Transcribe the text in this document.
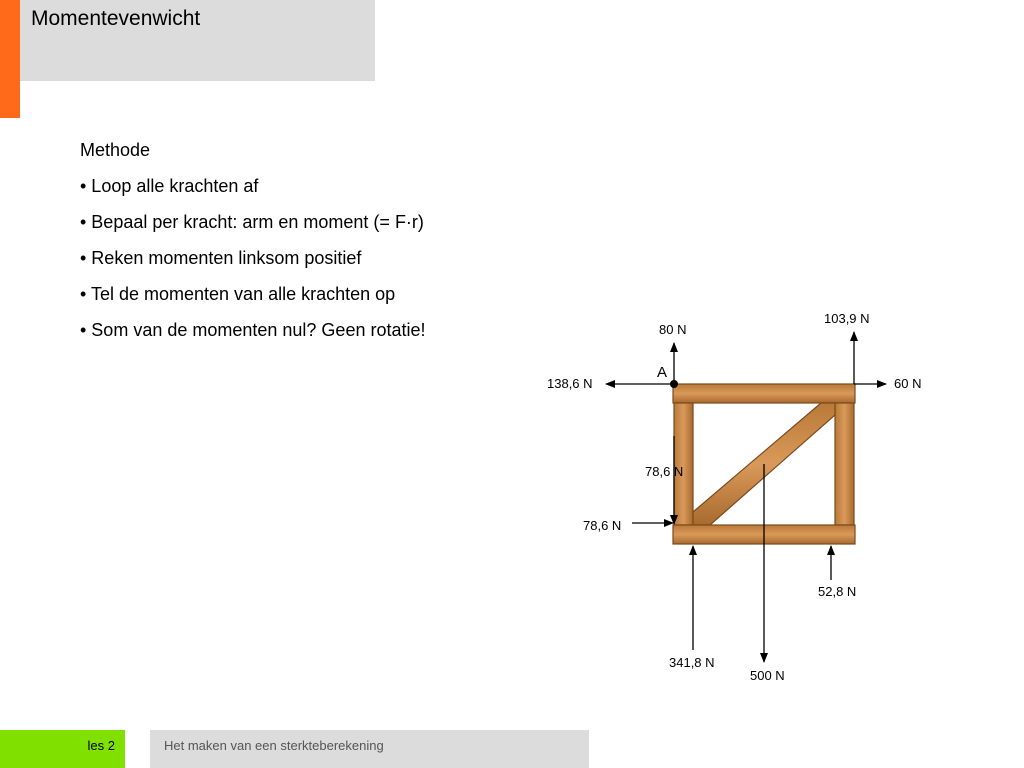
Momentevenwicht
Methode
• Loop alle krachten af
• Bepaal per kracht: arm en moment (= F·r)
• Reken momenten linksom positief
• Tel de momenten van alle krachten op
• Som van de momenten nul? Geen rotatie!
A
80 N
103,9 N
138,6 N	60 N
78,6 N
78,6 N
52,8 N
341,8 N
500 N
les 2	Het maken van een sterkteberekening
